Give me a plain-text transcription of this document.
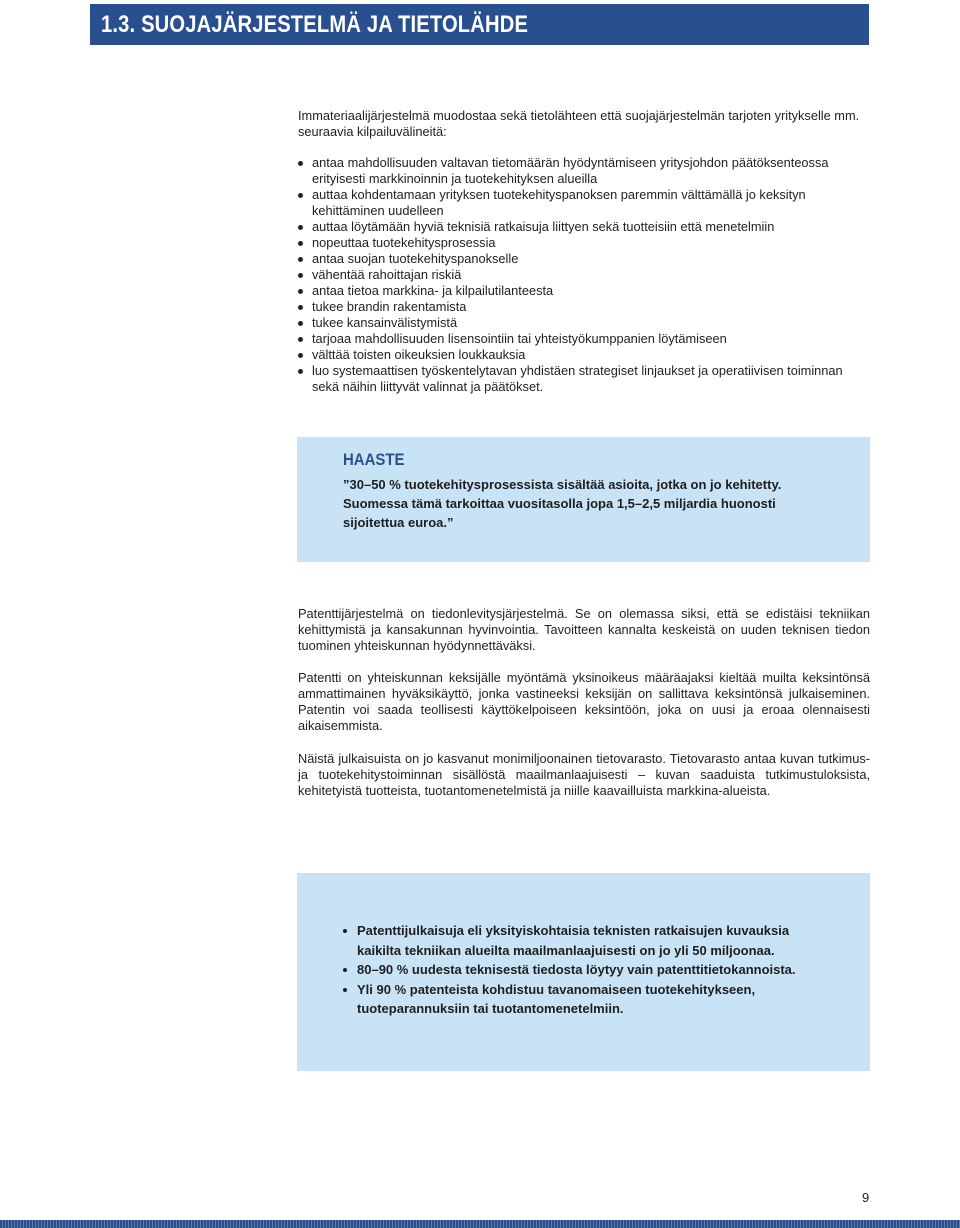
1.3. SUOJAJÄRJESTELMÄ JA TIETOLÄHDE
Immateriaalijärjestelmä muodostaa sekä tietolähteen että suojajärjestelmän tarjoten yritykselle mm. seuraavia kilpailuvälineitä:
antaa mahdollisuuden valtavan tietomäärän hyödyntämiseen yritysjohdon päätöksenteossa erityisesti markkinoinnin ja tuotekehityksen alueilla
auttaa kohdentamaan yrityksen tuotekehityspanoksen paremmin välttämällä jo keksityn kehittäminen uudelleen
auttaa löytämään hyviä teknisiä ratkaisuja liittyen sekä tuotteisiin että menetelmiin
nopeuttaa tuotekehitysprosessia
antaa suojan tuotekehityspanokselle
vähentää rahoittajan riskiä
antaa tietoa markkina- ja kilpailutilanteesta
tukee brandin rakentamista
tukee kansainvälistymistä
tarjoaa mahdollisuuden lisensointiin tai yhteistyökumppanien löytämiseen
välttää toisten oikeuksien loukkauksia
luo systemaattisen työskentelytavan yhdistäen strategiset linjaukset ja operatiivisen toiminnan sekä näihin liittyvät valinnat ja päätökset.
HAASTE
”30–50 % tuotekehitysprosessista sisältää asioita, jotka on jo kehitetty. Suomessa tämä tarkoittaa vuositasolla jopa 1,5–2,5 miljardia huonosti sijoitettua euroa.”
Patenttijärjestelmä on tiedonlevitysjärjestelmä. Se on olemassa siksi, että se edistäisi tekniikan kehittymistä ja kansakunnan hyvinvointia. Tavoitteen kannalta keskeistä on uuden teknisen tiedon tuominen yhteiskunnan hyödynnettäväksi.
Patentti on yhteiskunnan keksijälle myöntämä yksinoikeus määräajaksi kieltää muilta keksintönsä ammattimainen hyväksikäyttö, jonka vastineeksi keksijän on sallittava keksintönsä julkaiseminen. Patentin voi saada teollisesti käyttökelpoiseen keksintöön, joka on uusi ja eroaa olennaisesti aikaisemmista.
Näistä julkaisuista on jo kasvanut monimiljoonainen tietovarasto. Tietovarasto antaa kuvan tutkimus- ja tuotekehitystoiminnan sisällöstä maailmanlaajuisesti – kuvan saaduista tutkimustuloksista, kehitetyistä tuotteista, tuotantomenetelmistä ja niille kaavailluista markkina-alueista.
Patenttijulkaisuja eli yksityiskohtaisia teknisten ratkaisujen kuvauksia kaikilta tekniikan alueilta maailmanlaajuisesti on jo yli 50 miljoonaa.
80–90 % uudesta teknisestä tiedosta löytyy vain patenttitietokannoista.
Yli 90 % patenteista kohdistuu tavanomaiseen tuotekehitykseen, tuoteparannuksiin tai tuotantomenetelmiin.
9
